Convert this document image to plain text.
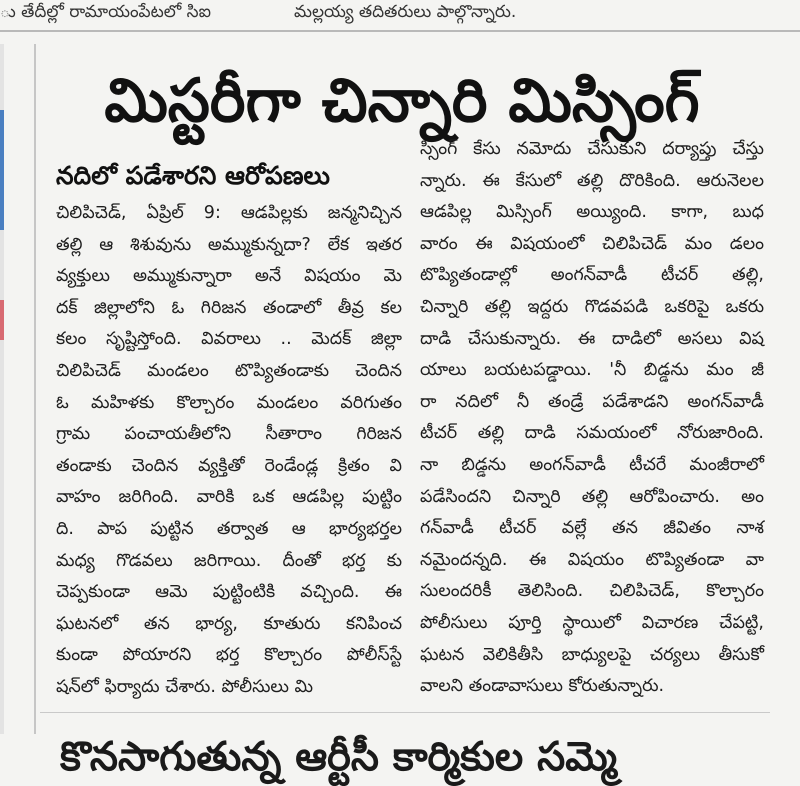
ు తేదీల్లో రామాయంపేటలో సిఐ	మల్లయ్య తదితరులు పాల్గొన్నారు.
మిస్టరీగా చిన్నారి మిస్సింగ్
నదిలో పడేశారని ఆరోపణలు
చిలిపిచెడ్, ఏప్రిల్ 9: ఆడపిల్లకు జన్మనిచ్చిన
తల్లి ఆ శిశువును అమ్ముకున్నదా? లేక ఇతర
వ్యక్తులు అమ్ముకున్నారా అనే విషయం మె
దక్ జిల్లాలోని ఓ గిరిజన తండాలో తీవ్ర కల
కలం సృష్టిస్తోంది. వివరాలు .. మెదక్ జిల్లా
చిలిపిచెడ్ మండలం టొప్యితండాకు చెందిన
ఓ మహిళకు కొల్చారం మండలం వరిగుతం
గ్రామ పంచాయతీలోని సీతారాం గిరిజన
తండాకు చెందిన వ్యక్తితో రెండేండ్ల క్రితం వి
వాహం జరిగింది. వారికి ఒక ఆడపిల్ల పుట్టిం
ది. పాప పుట్టిన తర్వాత ఆ భార్యభర్తల
మధ్య గొడవలు జరిగాయి. దీంతో భర్త కు
చెప్పకుండా ఆమె పుట్టింటికి వచ్చింది. ఈ
ఘటనలో తన భార్య, కూతురు కనిపించ
కుండా పోయారని భర్త కొల్చారం పోలీస్‌స్టే
షన్‌లో ఫిర్యాదు చేశారు. పోలీసులు మి
స్సింగ్ కేసు నమోదు చేసుకుని దర్యాప్తు చేస్తు
న్నారు. ఈ కేసులో తల్లి దొరికింది. ఆరునెలల
ఆడపిల్ల మిస్సింగ్ అయ్యింది. కాగా, బుధ
వారం ఈ విషయంలో చిలిపిచెడ్ మం డలం
టొప్యితండాల్లో అంగన్‌వాడీ టీచర్ తల్లి,
చిన్నారి తల్లి ఇద్దరు గొడవపడి ఒకరిపై ఒకరు
దాడి చేసుకున్నారు. ఈ దాడిలో అసలు విష
యాలు బయటపడ్డాయి. 'నీ బిడ్డను మం జీ
రా నదిలో నీ తండ్రే పడేశాడని అంగన్‌వాడీ
టీచర్ తల్లి దాడి సమయంలో నోరుజారింది.
నా బిడ్డను అంగన్‌వాడీ టీచరే మంజీరాలో
పడేసిందని చిన్నారి తల్లి ఆరోపించారు. అం
గన్‌వాడీ టీచర్ వల్లే తన జీవితం నాశ
నమైందన్నది. ఈ విషయం టొప్యితండా వా
సులందరికీ తెలిసింది. చిలిపిచెడ్, కొల్చారం
పోలీసులు పూర్తి స్థాయిలో విచారణ చేపట్టి,
ఘటన వెలికితీసి బాధ్యులపై చర్యలు తీసుకో
వాలని తండావాసులు కోరుతున్నారు.
కొనసాగుతున్న ఆర్టీసీ కార్మికుల సమ్మె
